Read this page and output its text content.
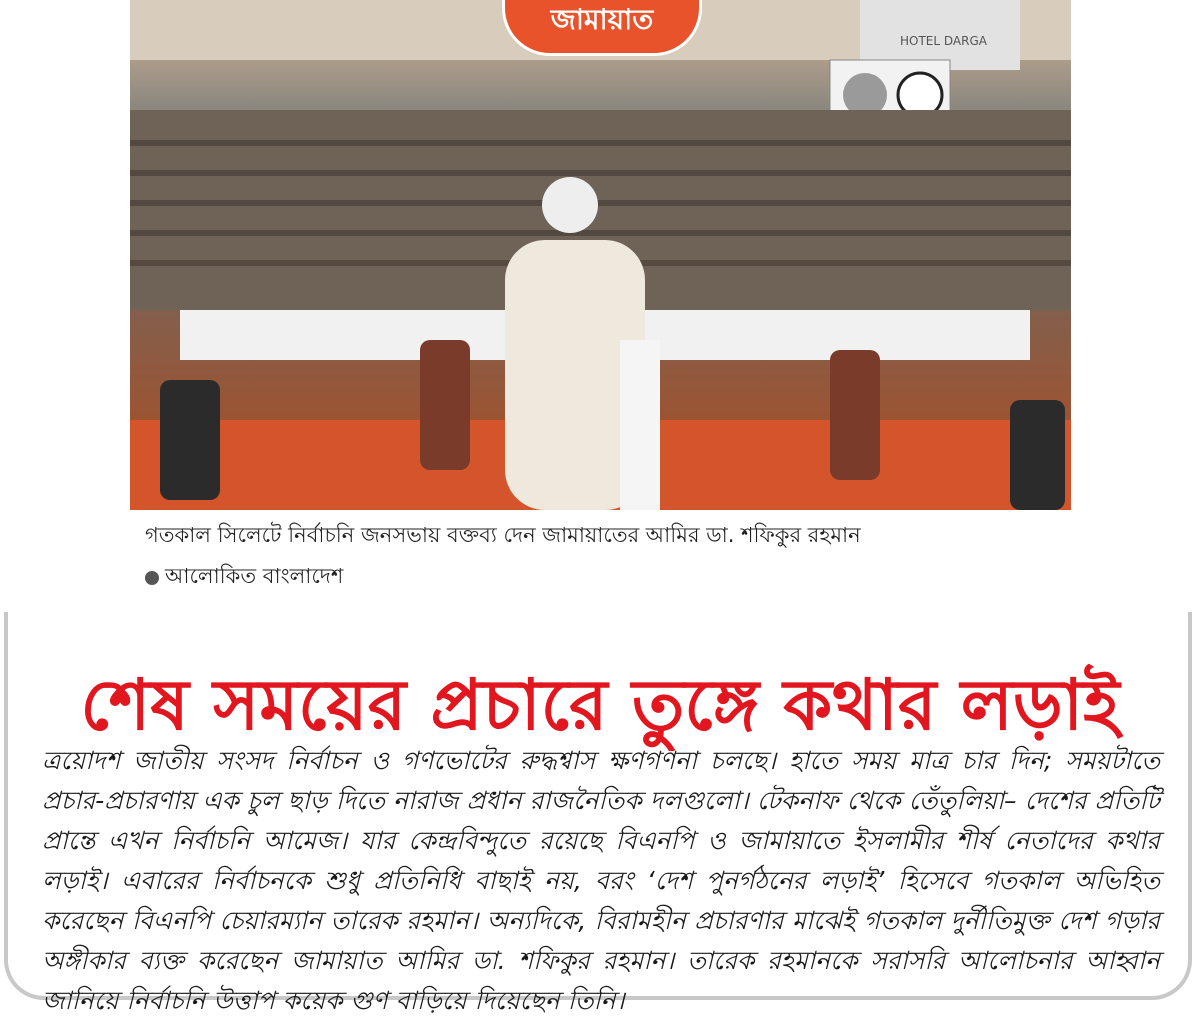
HOTEL DARGA
জামায়াত
গতকাল সিলেটে নির্বাচনি জনসভায় বক্তব্য দেন জামায়াতের আমির ডা. শফিকুর রহমান
আলোকিত বাংলাদেশ
শেষ সময়ের প্রচারে তুঙ্গে কথার লড়াই

ত্রয়োদশ জাতীয় সংসদ নির্বাচন ও গণভোটের রুদ্ধশ্বাস ক্ষণগণনা চলছে। হাতে সময় মাত্র চার দিন; সময়টাতে প্রচার-প্রচারণায় এক চুল ছাড় দিতে নারাজ প্রধান রাজনৈতিক দলগুলো। টেকনাফ থেকে তেঁতুলিয়া– দেশের প্রতিটি প্রান্তে এখন নির্বাচনি আমেজ। যার কেন্দ্রবিন্দুতে রয়েছে বিএনপি ও জামায়াতে ইসলামীর শীর্ষ নেতাদের কথার লড়াই। এবারের নির্বাচনকে শুধু প্রতিনিধি বাছাই নয়, বরং ‘দেশ পুনর্গঠনের লড়াই’ হিসেবে গতকাল অভিহিত করেছেন বিএনপি চেয়ারম্যান তারেক রহমান। অন্যদিকে, বিরামহীন প্রচারণার মাঝেই গতকাল দুর্নীতিমুক্ত দেশ গড়ার অঙ্গীকার ব্যক্ত করেছেন জামায়াত আমির ডা. শফিকুর রহমান। তারেক রহমানকে সরাসরি আলোচনার আহ্বান জানিয়ে নির্বাচনি উত্তাপ কয়েক গুণ বাড়িয়ে দিয়েছেন তিনি।
